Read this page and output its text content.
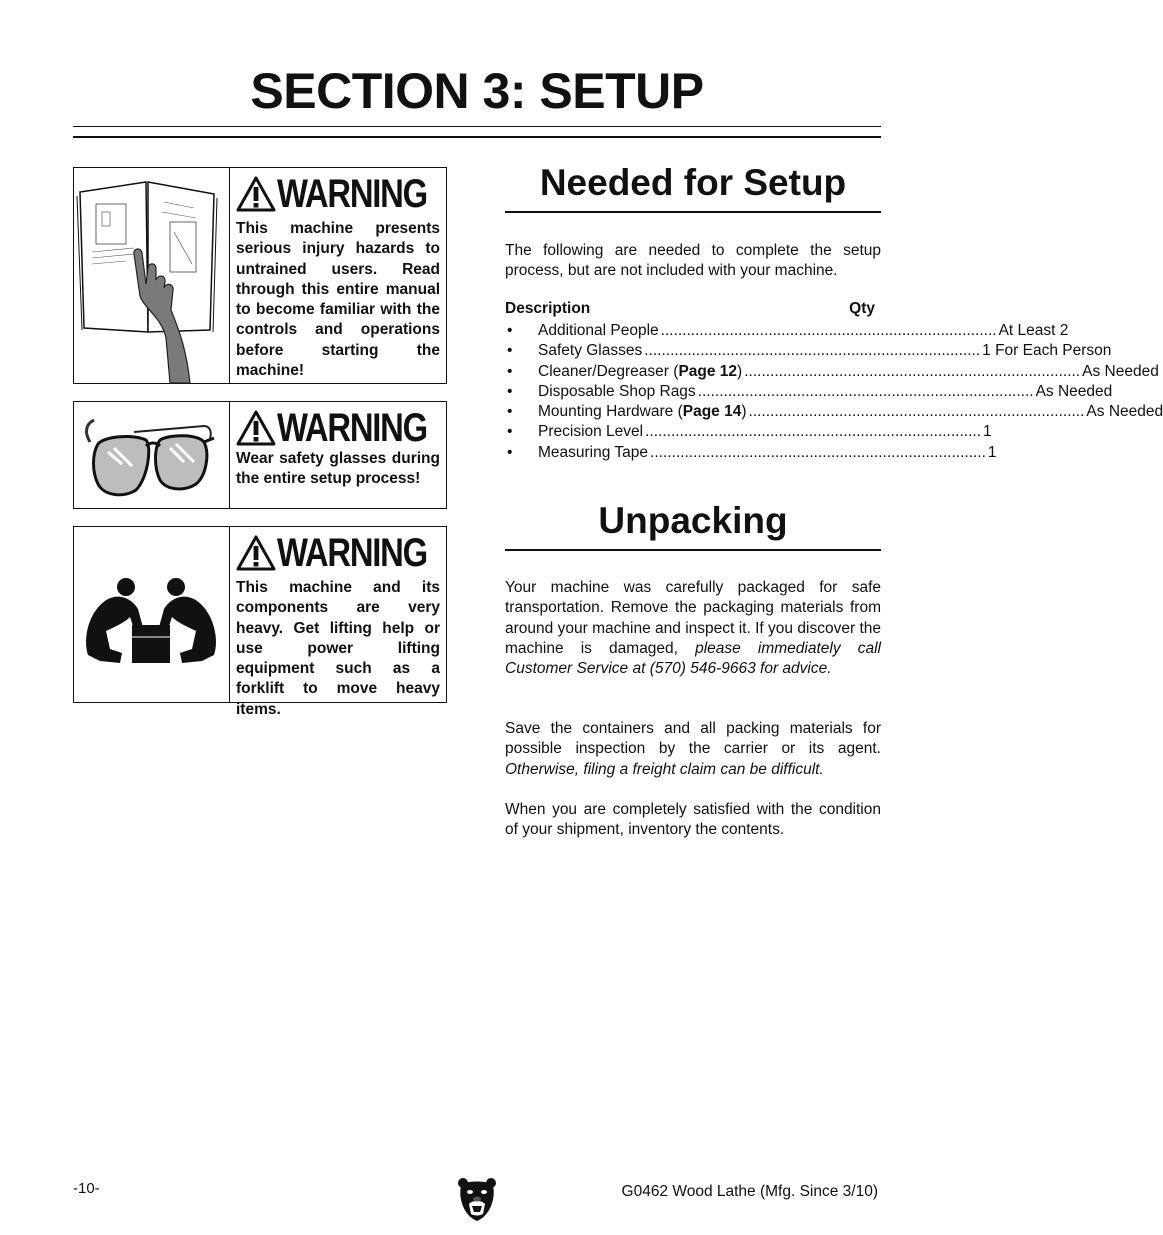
SECTION 3: SETUP
WARNING
This machine presents serious injury hazards to untrained users. Read through this entire manual to become familiar with the controls and operations before starting the machine!
WARNING
Wear safety glasses during the entire setup process!
WARNING
This machine and its components are very heavy. Get lifting help or use power lifting equipment such as a forklift to move heavy items.
Needed for Setup
The following are needed to complete the setup process, but are not included with your machine.
Description	Qty
•	Additional People .............................................................................. At Least 2
•	Safety Glasses .............................................................................. 1 For Each Person
•	Cleaner/Degreaser (Page 12) .............................................................................. As Needed
•	Disposable Shop Rags .............................................................................. As Needed
•	Mounting Hardware (Page 14) .............................................................................. As Needed
•	Precision Level .............................................................................. 1
•	Measuring Tape .............................................................................. 1
Unpacking
Your machine was carefully packaged for safe transportation. Remove the packaging materials from around your machine and inspect it. If you discover the machine is damaged, please immediately call Customer Service at (570) 546-9663 for advice.
Save the containers and all packing materials for possible inspection by the carrier or its agent. Otherwise, filing a freight claim can be difficult.
When you are completely satisfied with the condition of your shipment, inventory the contents.
-10-	G0462 Wood Lathe (Mfg. Since 3/10)
